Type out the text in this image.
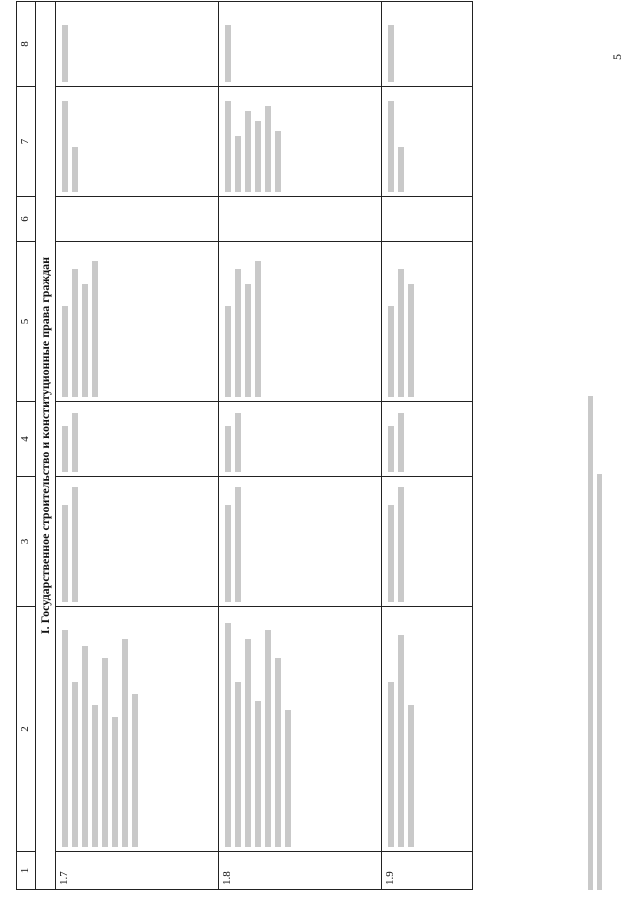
1	2	3	4	5	6	7	8
I. Государственное строительство и конституционные права граждан							
1.7	

1.8	

1.9	

5
